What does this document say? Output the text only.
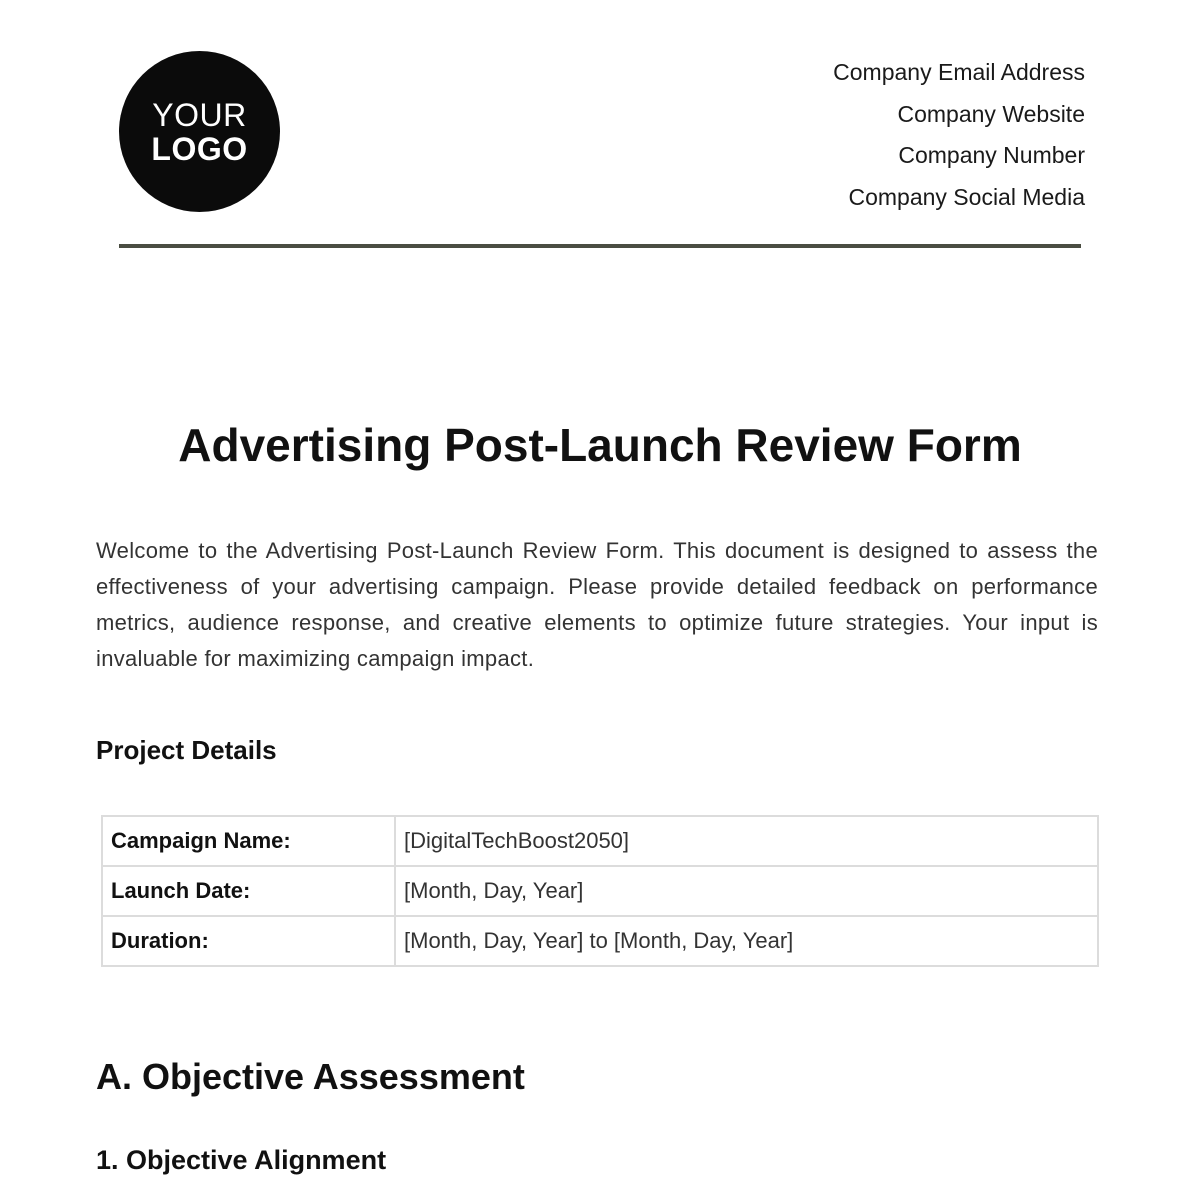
YOUR
LOGO
Company Email Address
Company Website
Company Number
Company Social Media
Advertising Post-Launch Review Form

Welcome to the Advertising Post-Launch Review Form. This document is designed to assess the effectiveness of your advertising campaign. Please provide detailed feedback on performance metrics, audience response, and creative elements to optimize future strategies. Your input is invaluable for maximizing campaign impact.

Project Details
Campaign Name:	[DigitalTechBoost2050]
Launch Date:	[Month, Day, Year]
Duration:	[Month, Day, Year] to [Month, Day, Year]
A. Objective Assessment
1. Objective Alignment
